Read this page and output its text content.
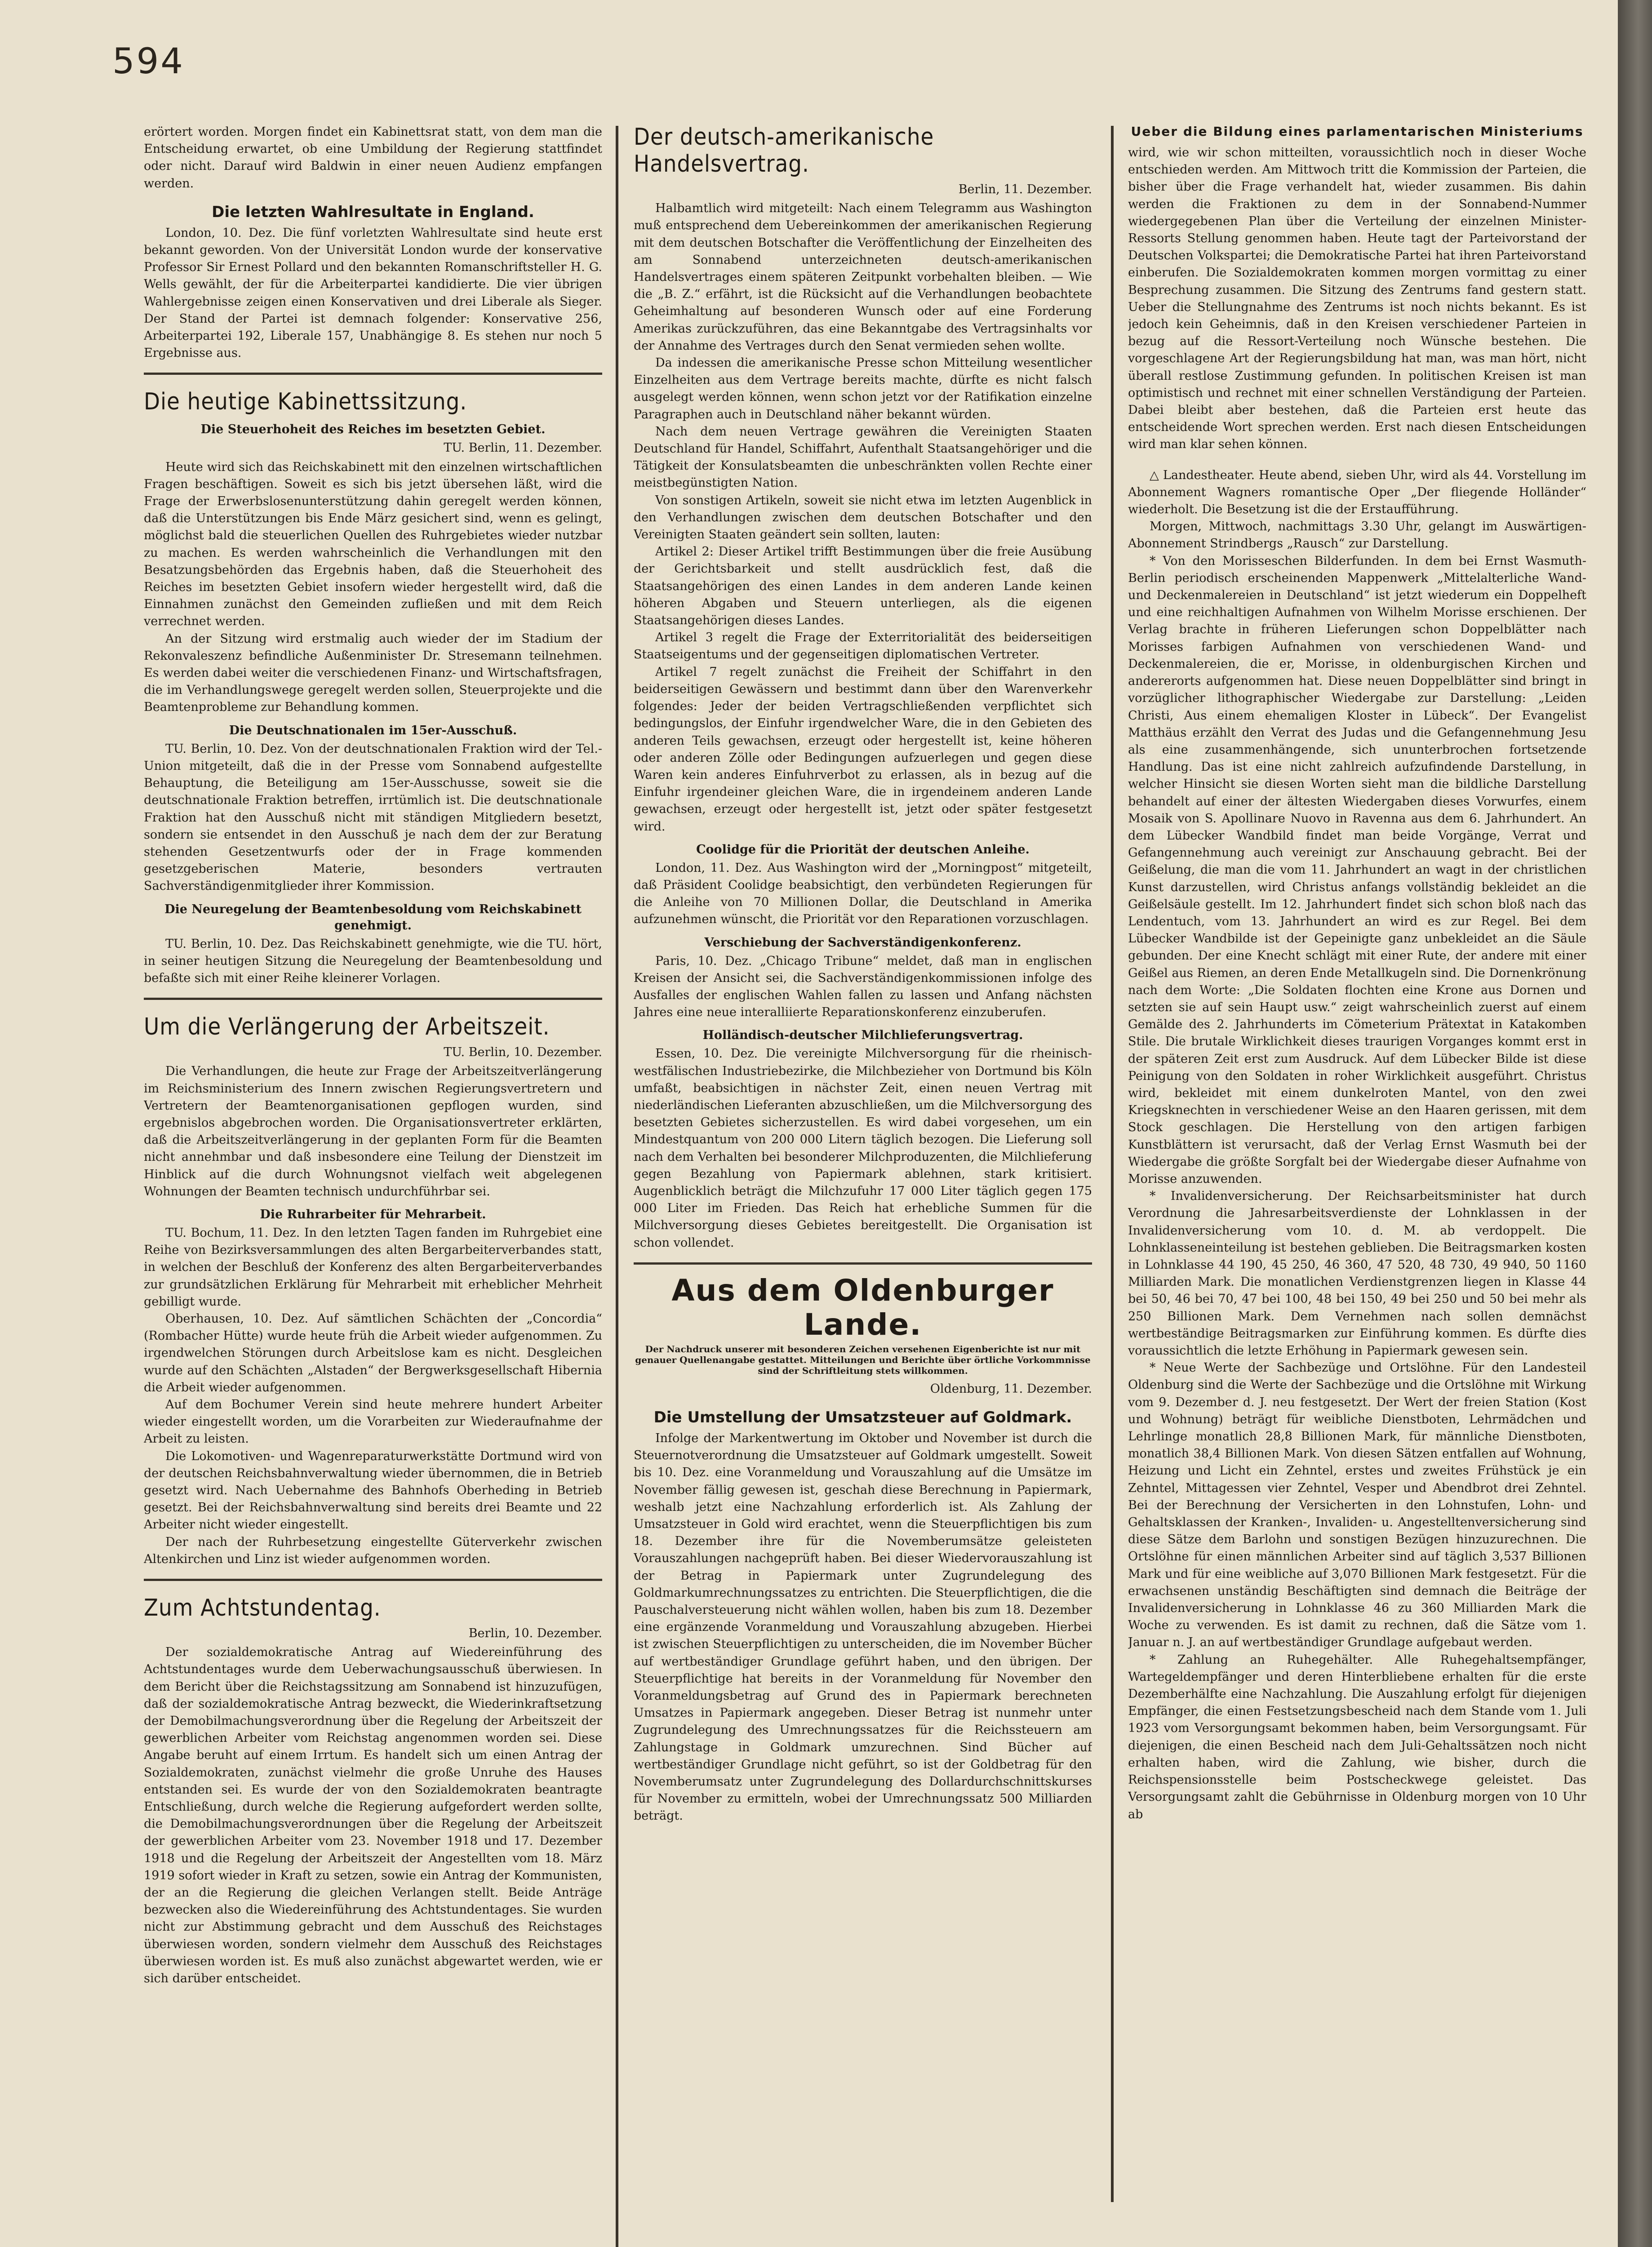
594

erörtert worden. Morgen findet ein Kabinettsrat statt, von dem man die Entscheidung erwartet, ob eine Umbildung der Regierung stattfindet oder nicht. Darauf wird Baldwin in einer neuen Audienz empfangen werden.

Die letzten Wahlresultate in England.

London, 10. Dez. Die fünf vorletzten Wahlresultate sind heute erst bekannt geworden. Von der Universität London wurde der konservative Professor Sir Ernest Pollard und den bekannten Romanschriftsteller H. G. Wells gewählt, der für die Arbeiterpartei kandidierte. Die vier übrigen Wahlergebnisse zeigen einen Konservativen und drei Liberale als Sieger. Der Stand der Partei ist demnach folgender: Konservative 256, Arbeiterpartei 192, Liberale 157, Unabhängige 8. Es stehen nur noch 5 Ergebnisse aus.

Die heutige Kabinettssitzung.
Die Steuerhoheit des Reiches im besetzten Gebiet.
TU. Berlin, 11. Dezember.

Heute wird sich das Reichskabinett mit den einzelnen wirtschaftlichen Fragen beschäftigen. Soweit es sich bis jetzt übersehen läßt, wird die Frage der Erwerbslosenunterstützung dahin geregelt werden können, daß die Unterstützungen bis Ende März gesichert sind, wenn es gelingt, möglichst bald die steuerlichen Quellen des Ruhrgebietes wieder nutzbar zu machen. Es werden wahrscheinlich die Verhandlungen mit den Besatzungsbehörden das Ergebnis haben, daß die Steuerhoheit des Reiches im besetzten Gebiet insofern wieder hergestellt wird, daß die Einnahmen zunächst den Gemeinden zufließen und mit dem Reich verrechnet werden.

An der Sitzung wird erstmalig auch wieder der im Stadium der Rekonvaleszenz befindliche Außenminister Dr. Stresemann teilnehmen. Es werden dabei weiter die verschiedenen Finanz- und Wirtschaftsfragen, die im Verhandlungswege geregelt werden sollen, Steuerprojekte und die Beamtenprobleme zur Behandlung kommen.

Die Deutschnationalen im 15er-Ausschuß.

TU. Berlin, 10. Dez. Von der deutschnationalen Fraktion wird der Tel.-Union mitgeteilt, daß die in der Presse vom Sonnabend aufgestellte Behauptung, die Beteiligung am 15er-Ausschusse, soweit sie die deutschnationale Fraktion betreffen, irrtümlich ist. Die deutschnationale Fraktion hat den Ausschuß nicht mit ständigen Mitgliedern besetzt, sondern sie entsendet in den Ausschuß je nach dem der zur Beratung stehenden Gesetzentwurfs oder der in Frage kommenden gesetzgeberischen Materie, besonders vertrauten Sachverständigenmitglieder ihrer Kommission.

Die Neuregelung der Beamtenbesoldung vom Reichskabinett genehmigt.

TU. Berlin, 10. Dez. Das Reichskabinett genehmigte, wie die TU. hört, in seiner heutigen Sitzung die Neuregelung der Beamtenbesoldung und befaßte sich mit einer Reihe kleinerer Vorlagen.

Um die Verlängerung der Arbeitszeit.
TU. Berlin, 10. Dezember.

Die Verhandlungen, die heute zur Frage der Arbeitszeitverlängerung im Reichsministerium des Innern zwischen Regierungsvertretern und Vertretern der Beamtenorganisationen gepflogen wurden, sind ergebnislos abgebrochen worden. Die Organisationsvertreter erklärten, daß die Arbeitszeitverlängerung in der geplanten Form für die Beamten nicht annehmbar und daß insbesondere eine Teilung der Dienstzeit im Hinblick auf die durch Wohnungsnot vielfach weit abgelegenen Wohnungen der Beamten technisch undurchführbar sei.

Die Ruhrarbeiter für Mehrarbeit.

TU. Bochum, 11. Dez. In den letzten Tagen fanden im Ruhrgebiet eine Reihe von Bezirksversammlungen des alten Bergarbeiterverbandes statt, in welchen der Beschluß der Konferenz des alten Bergarbeiterverbandes zur grundsätzlichen Erklärung für Mehrarbeit mit erheblicher Mehrheit gebilligt wurde.

Oberhausen, 10. Dez. Auf sämtlichen Schächten der „Concordia“ (Rombacher Hütte) wurde heute früh die Arbeit wieder aufgenommen. Zu irgendwelchen Störungen durch Arbeitslose kam es nicht. Desgleichen wurde auf den Schächten „Alstaden“ der Bergwerksgesellschaft Hibernia die Arbeit wieder aufgenommen.

Auf dem Bochumer Verein sind heute mehrere hundert Arbeiter wieder eingestellt worden, um die Vorarbeiten zur Wiederaufnahme der Arbeit zu leisten.

Die Lokomotiven- und Wagenreparaturwerkstätte Dortmund wird von der deutschen Reichsbahnverwaltung wieder übernommen, die in Betrieb gesetzt wird. Nach Uebernahme des Bahnhofs Oberheding in Betrieb gesetzt. Bei der Reichsbahnverwaltung sind bereits drei Beamte und 22 Arbeiter nicht wieder eingestellt.

Der nach der Ruhrbesetzung eingestellte Güterverkehr zwischen Altenkirchen und Linz ist wieder aufgenommen worden.

Zum Achtstundentag.
Berlin, 10. Dezember.

Der sozialdemokratische Antrag auf Wiedereinführung des Achtstundentages wurde dem Ueberwachungsausschuß überwiesen. In dem Bericht über die Reichstagssitzung am Sonnabend ist hinzuzufügen, daß der sozialdemokratische Antrag bezweckt, die Wiederinkraftsetzung der Demobilmachungsverordnung über die Regelung der Arbeitszeit der gewerblichen Arbeiter vom Reichstag angenommen worden sei. Diese Angabe beruht auf einem Irrtum. Es handelt sich um einen Antrag der Sozialdemokraten, zunächst vielmehr die große Unruhe des Hauses entstanden sei. Es wurde der von den Sozialdemokraten beantragte Entschließung, durch welche die Regierung aufgefordert werden sollte, die Demobilmachungsverordnungen über die Regelung der Arbeitszeit der gewerblichen Arbeiter vom 23. November 1918 und 17. Dezember 1918 und die Regelung der Arbeitszeit der Angestellten vom 18. März 1919 sofort wieder in Kraft zu setzen, sowie ein Antrag der Kommunisten, der an die Regierung die gleichen Verlangen stellt. Beide Anträge bezwecken also die Wiedereinführung des Achtstundentages. Sie wurden nicht zur Abstimmung gebracht und dem Ausschuß des Reichstages überwiesen worden, sondern vielmehr dem Ausschuß des Reichstages überwiesen worden ist. Es muß also zunächst abgewartet werden, wie er sich darüber entscheidet.

Der deutsch-amerikanische Handelsvertrag.
Berlin, 11. Dezember.

Halbamtlich wird mitgeteilt: Nach einem Telegramm aus Washington muß entsprechend dem Uebereinkommen der amerikanischen Regierung mit dem deutschen Botschafter die Veröffentlichung der Einzelheiten des am Sonnabend unterzeichneten deutsch-amerikanischen Handelsvertrages einem späteren Zeitpunkt vorbehalten bleiben. — Wie die „B. Z.“ erfährt, ist die Rücksicht auf die Verhandlungen beobachtete Geheimhaltung auf besonderen Wunsch oder auf eine Forderung Amerikas zurückzuführen, das eine Bekanntgabe des Vertragsinhalts vor der Annahme des Vertrages durch den Senat vermieden sehen wollte.

Da indessen die amerikanische Presse schon Mitteilung wesentlicher Einzelheiten aus dem Vertrage bereits machte, dürfte es nicht falsch ausgelegt werden können, wenn schon jetzt vor der Ratifikation einzelne Paragraphen auch in Deutschland näher bekannt würden.

Nach dem neuen Vertrage gewähren die Vereinigten Staaten Deutschland für Handel, Schiffahrt, Aufenthalt Staatsangehöriger und die Tätigkeit der Konsulatsbeamten die unbeschränkten vollen Rechte einer meistbegünstigten Nation.

Von sonstigen Artikeln, soweit sie nicht etwa im letzten Augenblick in den Verhandlungen zwischen dem deutschen Botschafter und den Vereinigten Staaten geändert sein sollten, lauten:

Artikel 2: Dieser Artikel trifft Bestimmungen über die freie Ausübung der Gerichtsbarkeit und stellt ausdrücklich fest, daß die Staatsangehörigen des einen Landes in dem anderen Lande keinen höheren Abgaben und Steuern unterliegen, als die eigenen Staatsangehörigen dieses Landes.

Artikel 3 regelt die Frage der Exterritorialität des beiderseitigen Staatseigentums und der gegenseitigen diplomatischen Vertreter.

Artikel 7 regelt zunächst die Freiheit der Schiffahrt in den beiderseitigen Gewässern und bestimmt dann über den Warenverkehr folgendes: Jeder der beiden Vertragschließenden verpflichtet sich bedingungslos, der Einfuhr irgendwelcher Ware, die in den Gebieten des anderen Teils gewachsen, erzeugt oder hergestellt ist, keine höheren oder anderen Zölle oder Bedingungen aufzuerlegen und gegen diese Waren kein anderes Einfuhrverbot zu erlassen, als in bezug auf die Einfuhr irgendeiner gleichen Ware, die in irgendeinem anderen Lande gewachsen, erzeugt oder hergestellt ist, jetzt oder später festgesetzt wird.

Coolidge für die Priorität der deutschen Anleihe.

London, 11. Dez. Aus Washington wird der „Morningpost“ mitgeteilt, daß Präsident Coolidge beabsichtigt, den verbündeten Regierungen für die Anleihe von 70 Millionen Dollar, die Deutschland in Amerika aufzunehmen wünscht, die Priorität vor den Reparationen vorzuschlagen.

Verschiebung der Sachverständigenkonferenz.

Paris, 10. Dez. „Chicago Tribune“ meldet, daß man in englischen Kreisen der Ansicht sei, die Sachverständigenkommissionen infolge des Ausfalles der englischen Wahlen fallen zu lassen und Anfang nächsten Jahres eine neue interalliierte Reparationskonferenz einzuberufen.

Holländisch-deutscher Milchlieferungsvertrag.

Essen, 10. Dez. Die vereinigte Milchversorgung für die rheinisch-westfälischen Industriebezirke, die Milchbezieher von Dortmund bis Köln umfaßt, beabsichtigen in nächster Zeit, einen neuen Vertrag mit niederländischen Lieferanten abzuschließen, um die Milchversorgung des besetzten Gebietes sicherzustellen. Es wird dabei vorgesehen, um ein Mindestquantum von 200 000 Litern täglich bezogen. Die Lieferung soll nach dem Verhalten bei besonderer Milchproduzenten, die Milchlieferung gegen Bezahlung von Papiermark ablehnen, stark kritisiert. Augenblicklich beträgt die Milchzufuhr 17 000 Liter täglich gegen 175 000 Liter im Frieden. Das Reich hat erhebliche Summen für die Milchversorgung dieses Gebietes bereitgestellt. Die Organisation ist schon vollendet.

Aus dem Oldenburger Lande.
Der Nachdruck unserer mit besonderen Zeichen versehenen Eigenberichte ist nur mit genauer Quellenangabe gestattet. Mitteilungen und Berichte über örtliche Vorkommnisse sind der Schriftleitung stets willkommen.
Oldenburg, 11. Dezember.
Die Umstellung der Umsatzsteuer auf Goldmark.

Infolge der Markentwertung im Oktober und November ist durch die Steuernotverordnung die Umsatzsteuer auf Goldmark umgestellt. Soweit bis 10. Dez. eine Voranmeldung und Vorauszahlung auf die Umsätze im November fällig gewesen ist, geschah diese Berechnung in Papiermark, weshalb jetzt eine Nachzahlung erforderlich ist. Als Zahlung der Umsatzsteuer in Gold wird erachtet, wenn die Steuerpflichtigen bis zum 18. Dezember ihre für die Novemberumsätze geleisteten Vorauszahlungen nachgeprüft haben. Bei dieser Wiedervorauszahlung ist der Betrag in Papiermark unter Zugrundelegung des Goldmarkumrechnungssatzes zu entrichten. Die Steuerpflichtigen, die die Pauschalversteuerung nicht wählen wollen, haben bis zum 18. Dezember eine ergänzende Voranmeldung und Vorauszahlung abzugeben. Hierbei ist zwischen Steuerpflichtigen zu unterscheiden, die im November Bücher auf wertbeständiger Grundlage geführt haben, und den übrigen. Der Steuerpflichtige hat bereits in der Voranmeldung für November den Voranmeldungsbetrag auf Grund des in Papiermark berechneten Umsatzes in Papiermark angegeben. Dieser Betrag ist nunmehr unter Zugrundelegung des Umrechnungssatzes für die Reichssteuern am Zahlungstage in Goldmark umzurechnen. Sind Bücher auf wertbeständiger Grundlage nicht geführt, so ist der Goldbetrag für den Novemberumsatz unter Zugrundelegung des Dollardurchschnittskurses für November zu ermitteln, wobei der Umrechnungssatz 500 Milliarden beträgt.

Ueber die Bildung eines parlamentarischen Ministeriums

wird, wie wir schon mitteilten, voraussichtlich noch in dieser Woche entschieden werden. Am Mittwoch tritt die Kommission der Parteien, die bisher über die Frage verhandelt hat, wieder zusammen. Bis dahin werden die Fraktionen zu dem in der Sonnabend-Nummer wiedergegebenen Plan über die Verteilung der einzelnen Minister-Ressorts Stellung genommen haben. Heute tagt der Parteivorstand der Deutschen Volkspartei; die Demokratische Partei hat ihren Parteivorstand einberufen. Die Sozialdemokraten kommen morgen vormittag zu einer Besprechung zusammen. Die Sitzung des Zentrums fand gestern statt. Ueber die Stellungnahme des Zentrums ist noch nichts bekannt. Es ist jedoch kein Geheimnis, daß in den Kreisen verschiedener Parteien in bezug auf die Ressort-Verteilung noch Wünsche bestehen. Die vorgeschlagene Art der Regierungsbildung hat man, was man hört, nicht überall restlose Zustimmung gefunden. In politischen Kreisen ist man optimistisch und rechnet mit einer schnellen Verständigung der Parteien. Dabei bleibt aber bestehen, daß die Parteien erst heute das entscheidende Wort sprechen werden. Erst nach diesen Entscheidungen wird man klar sehen können.

△ Landestheater. Heute abend, sieben Uhr, wird als 44. Vorstellung im Abonnement Wagners romantische Oper „Der fliegende Holländer“ wiederholt. Die Besetzung ist die der Erstaufführung.

Morgen, Mittwoch, nachmittags 3.30 Uhr, gelangt im Auswärtigen-Abonnement Strindbergs „Rausch“ zur Darstellung.

* Von den Morisseschen Bilderfunden. In dem bei Ernst Wasmuth-Berlin periodisch erscheinenden Mappenwerk „Mittelalterliche Wand- und Deckenmalereien in Deutschland“ ist jetzt wiederum ein Doppelheft und eine reichhaltigen Aufnahmen von Wilhelm Morisse erschienen. Der Verlag brachte in früheren Lieferungen schon Doppelblätter nach Morisses farbigen Aufnahmen von verschiedenen Wand- und Deckenmalereien, die er, Morisse, in oldenburgischen Kirchen und andererorts aufgenommen hat. Diese neuen Doppelblätter sind bringt in vorzüglicher lithographischer Wiedergabe zur Darstellung: „Leiden Christi, Aus einem ehemaligen Kloster in Lübeck“. Der Evangelist Matthäus erzählt den Verrat des Judas und die Gefangennehmung Jesu als eine zusammenhängende, sich ununterbrochen fortsetzende Handlung. Das ist eine nicht zahlreich aufzufindende Darstellung, in welcher Hinsicht sie diesen Worten sieht man die bildliche Darstellung behandelt auf einer der ältesten Wiedergaben dieses Vorwurfes, einem Mosaik von S. Apollinare Nuovo in Ravenna aus dem 6. Jahrhundert. An dem Lübecker Wandbild findet man beide Vorgänge, Verrat und Gefangennehmung auch vereinigt zur Anschauung gebracht. Bei der Geißelung, die man die vom 11. Jahrhundert an wagt in der christlichen Kunst darzustellen, wird Christus anfangs vollständig bekleidet an die Geißelsäule gestellt. Im 12. Jahrhundert findet sich schon bloß nach das Lendentuch, vom 13. Jahrhundert an wird es zur Regel. Bei dem Lübecker Wandbilde ist der Gepeinigte ganz unbekleidet an die Säule gebunden. Der eine Knecht schlägt mit einer Rute, der andere mit einer Geißel aus Riemen, an deren Ende Metallkugeln sind. Die Dornenkrönung nach dem Worte: „Die Soldaten flochten eine Krone aus Dornen und setzten sie auf sein Haupt usw.“ zeigt wahrscheinlich zuerst auf einem Gemälde des 2. Jahrhunderts im Cömeterium Prätextat in Katakomben Stile. Die brutale Wirklichkeit dieses traurigen Vorganges kommt erst in der späteren Zeit erst zum Ausdruck. Auf dem Lübecker Bilde ist diese Peinigung von den Soldaten in roher Wirklichkeit ausgeführt. Christus wird, bekleidet mit einem dunkelroten Mantel, von den zwei Kriegsknechten in verschiedener Weise an den Haaren gerissen, mit dem Stock geschlagen. Die Herstellung von den artigen farbigen Kunstblättern ist verursacht, daß der Verlag Ernst Wasmuth bei der Wiedergabe die größte Sorgfalt bei der Wiedergabe dieser Aufnahme von Morisse anzuwenden.

* Invalidenversicherung. Der Reichsarbeitsminister hat durch Verordnung die Jahresarbeitsverdienste der Lohnklassen in der Invalidenversicherung vom 10. d. M. ab verdoppelt. Die Lohnklasseneinteilung ist bestehen geblieben. Die Beitragsmarken kosten in Lohnklasse 44 190, 45 250, 46 360, 47 520, 48 730, 49 940, 50 1160 Milliarden Mark. Die monatlichen Verdienstgrenzen liegen in Klasse 44 bei 50, 46 bei 70, 47 bei 100, 48 bei 150, 49 bei 250 und 50 bei mehr als 250 Billionen Mark. Dem Vernehmen nach sollen demnächst wertbeständige Beitragsmarken zur Einführung kommen. Es dürfte dies voraussichtlich die letzte Erhöhung in Papiermark gewesen sein.

* Neue Werte der Sachbezüge und Ortslöhne. Für den Landesteil Oldenburg sind die Werte der Sachbezüge und die Ortslöhne mit Wirkung vom 9. Dezember d. J. neu festgesetzt. Der Wert der freien Station (Kost und Wohnung) beträgt für weibliche Dienstboten, Lehrmädchen und Lehrlinge monatlich 28,8 Billionen Mark, für männliche Dienstboten, monatlich 38,4 Billionen Mark. Von diesen Sätzen entfallen auf Wohnung, Heizung und Licht ein Zehntel, erstes und zweites Frühstück je ein Zehntel, Mittagessen vier Zehntel, Vesper und Abendbrot drei Zehntel. Bei der Berechnung der Versicherten in den Lohnstufen, Lohn- und Gehaltsklassen der Kranken-, Invaliden- u. Angestelltenversicherung sind diese Sätze dem Barlohn und sonstigen Bezügen hinzuzurechnen. Die Ortslöhne für einen männlichen Arbeiter sind auf täglich 3,537 Billionen Mark und für eine weibliche auf 3,070 Billionen Mark festgesetzt. Für die erwachsenen unständig Beschäftigten sind demnach die Beiträge der Invalidenversicherung in Lohnklasse 46 zu 360 Milliarden Mark die Woche zu verwenden. Es ist damit zu rechnen, daß die Sätze vom 1. Januar n. J. an auf wertbeständiger Grundlage aufgebaut werden.

* Zahlung an Ruhegehälter. Alle Ruhegehaltsempfänger, Wartegeldempfänger und deren Hinterbliebene erhalten für die erste Dezemberhälfte eine Nachzahlung. Die Auszahlung erfolgt für diejenigen Empfänger, die einen Festsetzungsbescheid nach dem Stande vom 1. Juli 1923 vom Versorgungsamt bekommen haben, beim Versorgungsamt. Für diejenigen, die einen Bescheid nach dem Juli-Gehaltssätzen noch nicht erhalten haben, wird die Zahlung, wie bisher, durch die Reichspensionsstelle beim Postscheckwege geleistet. Das Versorgungsamt zahlt die Gebührnisse in Oldenburg morgen von 10 Uhr ab
